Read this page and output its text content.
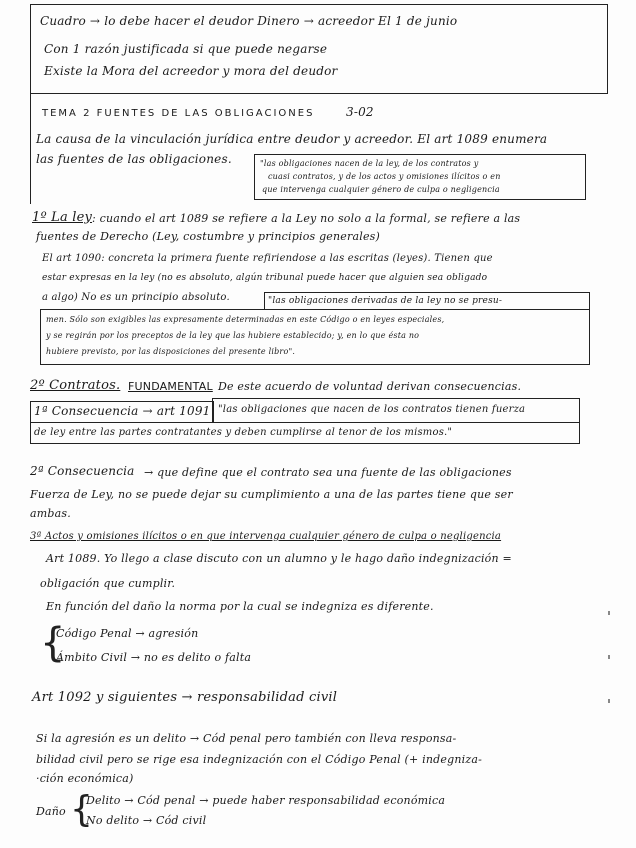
Cuadro → lo debe hacer el deudor Dinero → acreedor El 1 de junio
Con 1 razón justificada si que puede negarse
Existe la Mora del acreedor y mora del deudor
TEMA 2 FUENTES DE LAS OBLIGACIONES	3-02
La causa de la vinculación jurídica entre deudor y acreedor. El art 1089 enumera
las fuentes de las obligaciones.	"las obligaciones nacen de la ley, de los contratos y
cuasi contratos, y de los actos y omisiones ilícitos o en
que intervenga cualquier género de culpa o negligencia
1º La ley : cuando el art 1089 se refiere a la Ley no solo a la formal, se refiere a las
fuentes de Derecho (Ley, costumbre y principios generales)
El art 1090: concreta la primera fuente refiriendose a las escritas (leyes). Tienen que
estar expresas en la ley (no es absoluto, algún tribunal puede hacer que alguien sea obligado
a algo) No es un principio absoluto.	"las obligaciones derivadas de la ley no se presu-
men. Sólo son exigibles las expresamente determinadas en este Código o en leyes especiales,
y se regirán por los preceptos de la ley que las hubiere establecido; y, en lo que ésta no
hubiere previsto, por las disposiciones del presente libro".
2º Contratos. FUNDAMENTAL De este acuerdo de voluntad derivan consecuencias.
1ª Consecuencia → art 1091 "las obligaciones que nacen de los contratos tienen fuerza
de ley entre las partes contratantes y deben cumplirse al tenor de los mismos."
2ª Consecuencia → que define que el contrato sea una fuente de las obligaciones
Fuerza de Ley, no se puede dejar su cumplimiento a una de las partes tiene que ser
ambas.
3ª Actos y omisiones ilícitos o en que intervenga cualquier género de culpa o negligencia
Art 1089. Yo llego a clase discuto con un alumno y le hago daño indegnización =
obligación que cumplir.
En función del daño la norma por la cual se indegniza es diferente.
{
Código Penal → agresión
Ámbito Civil → no es delito o falta
Art 1092 y siguientes → responsabilidad civil
Si la agresión es un delito → Cód penal pero también con lleva responsa-
bilidad civil pero se rige esa indegnización con el Código Penal (+ indegniza-
·ción económica)
Daño {
Delito → Cód penal → puede haber responsabilidad económica
No delito → Cód civil
